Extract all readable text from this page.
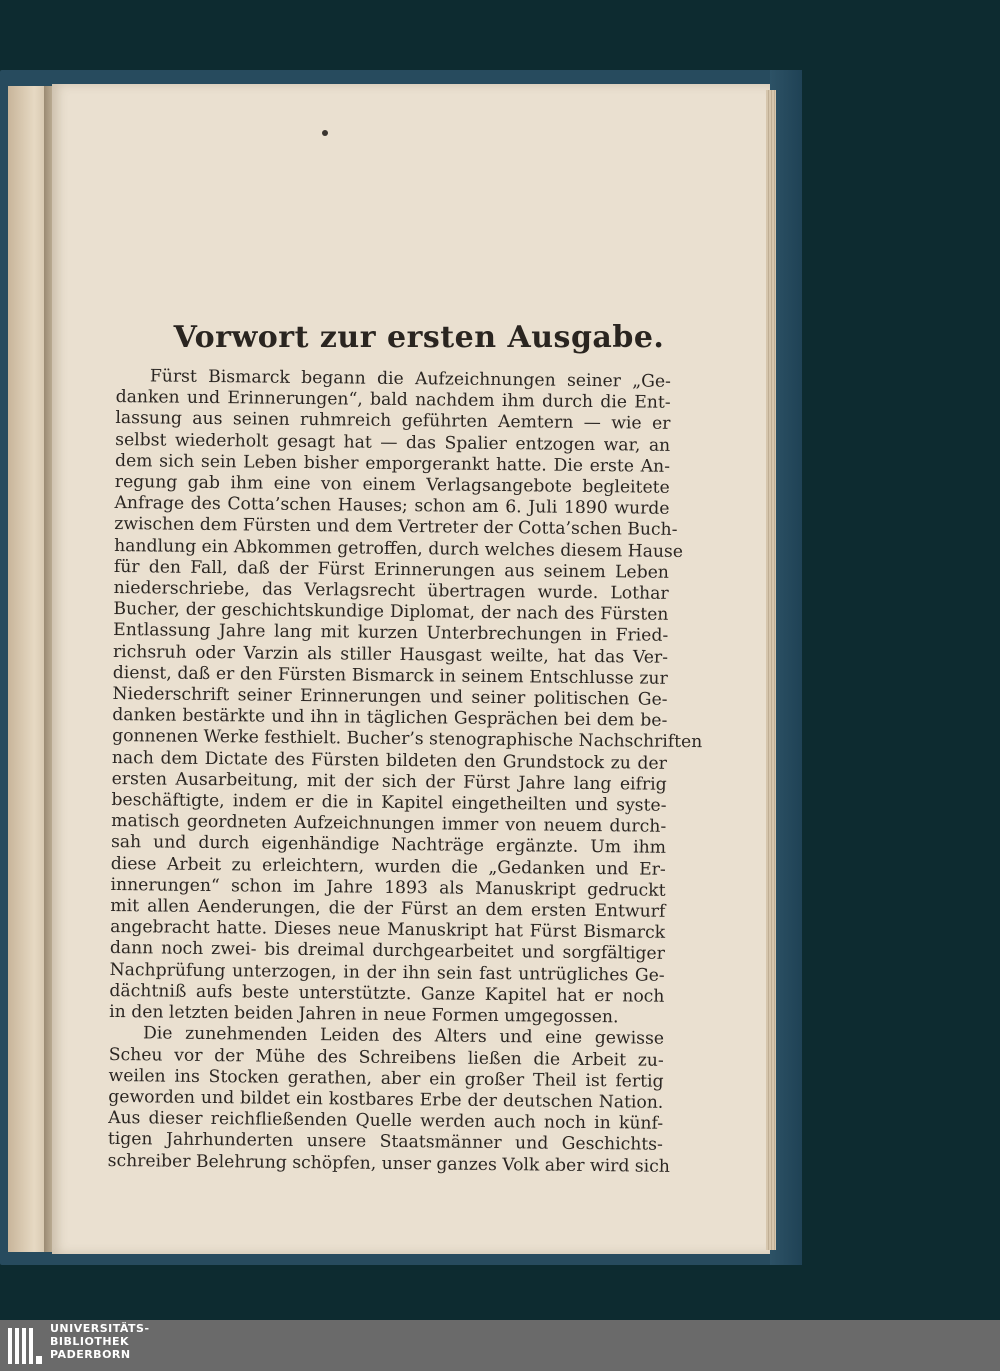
Vorwort zur ersten Ausgabe.
Fürst Bismarck begann die Aufzeichnungen seiner „Ge-
danken und Erinnerungen“, bald nachdem ihm durch die Ent-
lassung aus seinen ruhmreich geführten Aemtern — wie er
selbst wiederholt gesagt hat — das Spalier entzogen war, an
dem sich sein Leben bisher emporgerankt hatte. Die erste An-
regung gab ihm eine von einem Verlagsangebote begleitete
Anfrage des Cotta’schen Hauses; schon am 6. Juli 1890 wurde
zwischen dem Fürsten und dem Vertreter der Cotta’schen Buch-
handlung ein Abkommen getroffen, durch welches diesem Hause
für den Fall, daß der Fürst Erinnerungen aus seinem Leben
niederschriebe, das Verlagsrecht übertragen wurde. Lothar
Bucher, der geschichtskundige Diplomat, der nach des Fürsten
Entlassung Jahre lang mit kurzen Unterbrechungen in Fried-
richsruh oder Varzin als stiller Hausgast weilte, hat das Ver-
dienst, daß er den Fürsten Bismarck in seinem Entschlusse zur
Niederschrift seiner Erinnerungen und seiner politischen Ge-
danken bestärkte und ihn in täglichen Gesprächen bei dem be-
gonnenen Werke festhielt. Bucher’s stenographische Nachschriften
nach dem Dictate des Fürsten bildeten den Grundstock zu der
ersten Ausarbeitung, mit der sich der Fürst Jahre lang eifrig
beschäftigte, indem er die in Kapitel eingetheilten und syste-
matisch geordneten Aufzeichnungen immer von neuem durch-
sah und durch eigenhändige Nachträge ergänzte. Um ihm
diese Arbeit zu erleichtern, wurden die „Gedanken und Er-
innerungen“ schon im Jahre 1893 als Manuskript gedruckt
mit allen Aenderungen, die der Fürst an dem ersten Entwurf
angebracht hatte. Dieses neue Manuskript hat Fürst Bismarck
dann noch zwei- bis dreimal durchgearbeitet und sorgfältiger
Nachprüfung unterzogen, in der ihn sein fast untrügliches Ge-
dächtniß aufs beste unterstützte. Ganze Kapitel hat er noch
in den letzten beiden Jahren in neue Formen umgegossen.
Die zunehmenden Leiden des Alters und eine gewisse
Scheu vor der Mühe des Schreibens ließen die Arbeit zu-
weilen ins Stocken gerathen, aber ein großer Theil ist fertig
geworden und bildet ein kostbares Erbe der deutschen Nation.
Aus dieser reichfließenden Quelle werden auch noch in künf-
tigen Jahrhunderten unsere Staatsmänner und Geschichts-
schreiber Belehrung schöpfen, unser ganzes Volk aber wird sich
UNIVERSITÄTS-
BIBLIOTHEK
PADERBORN
